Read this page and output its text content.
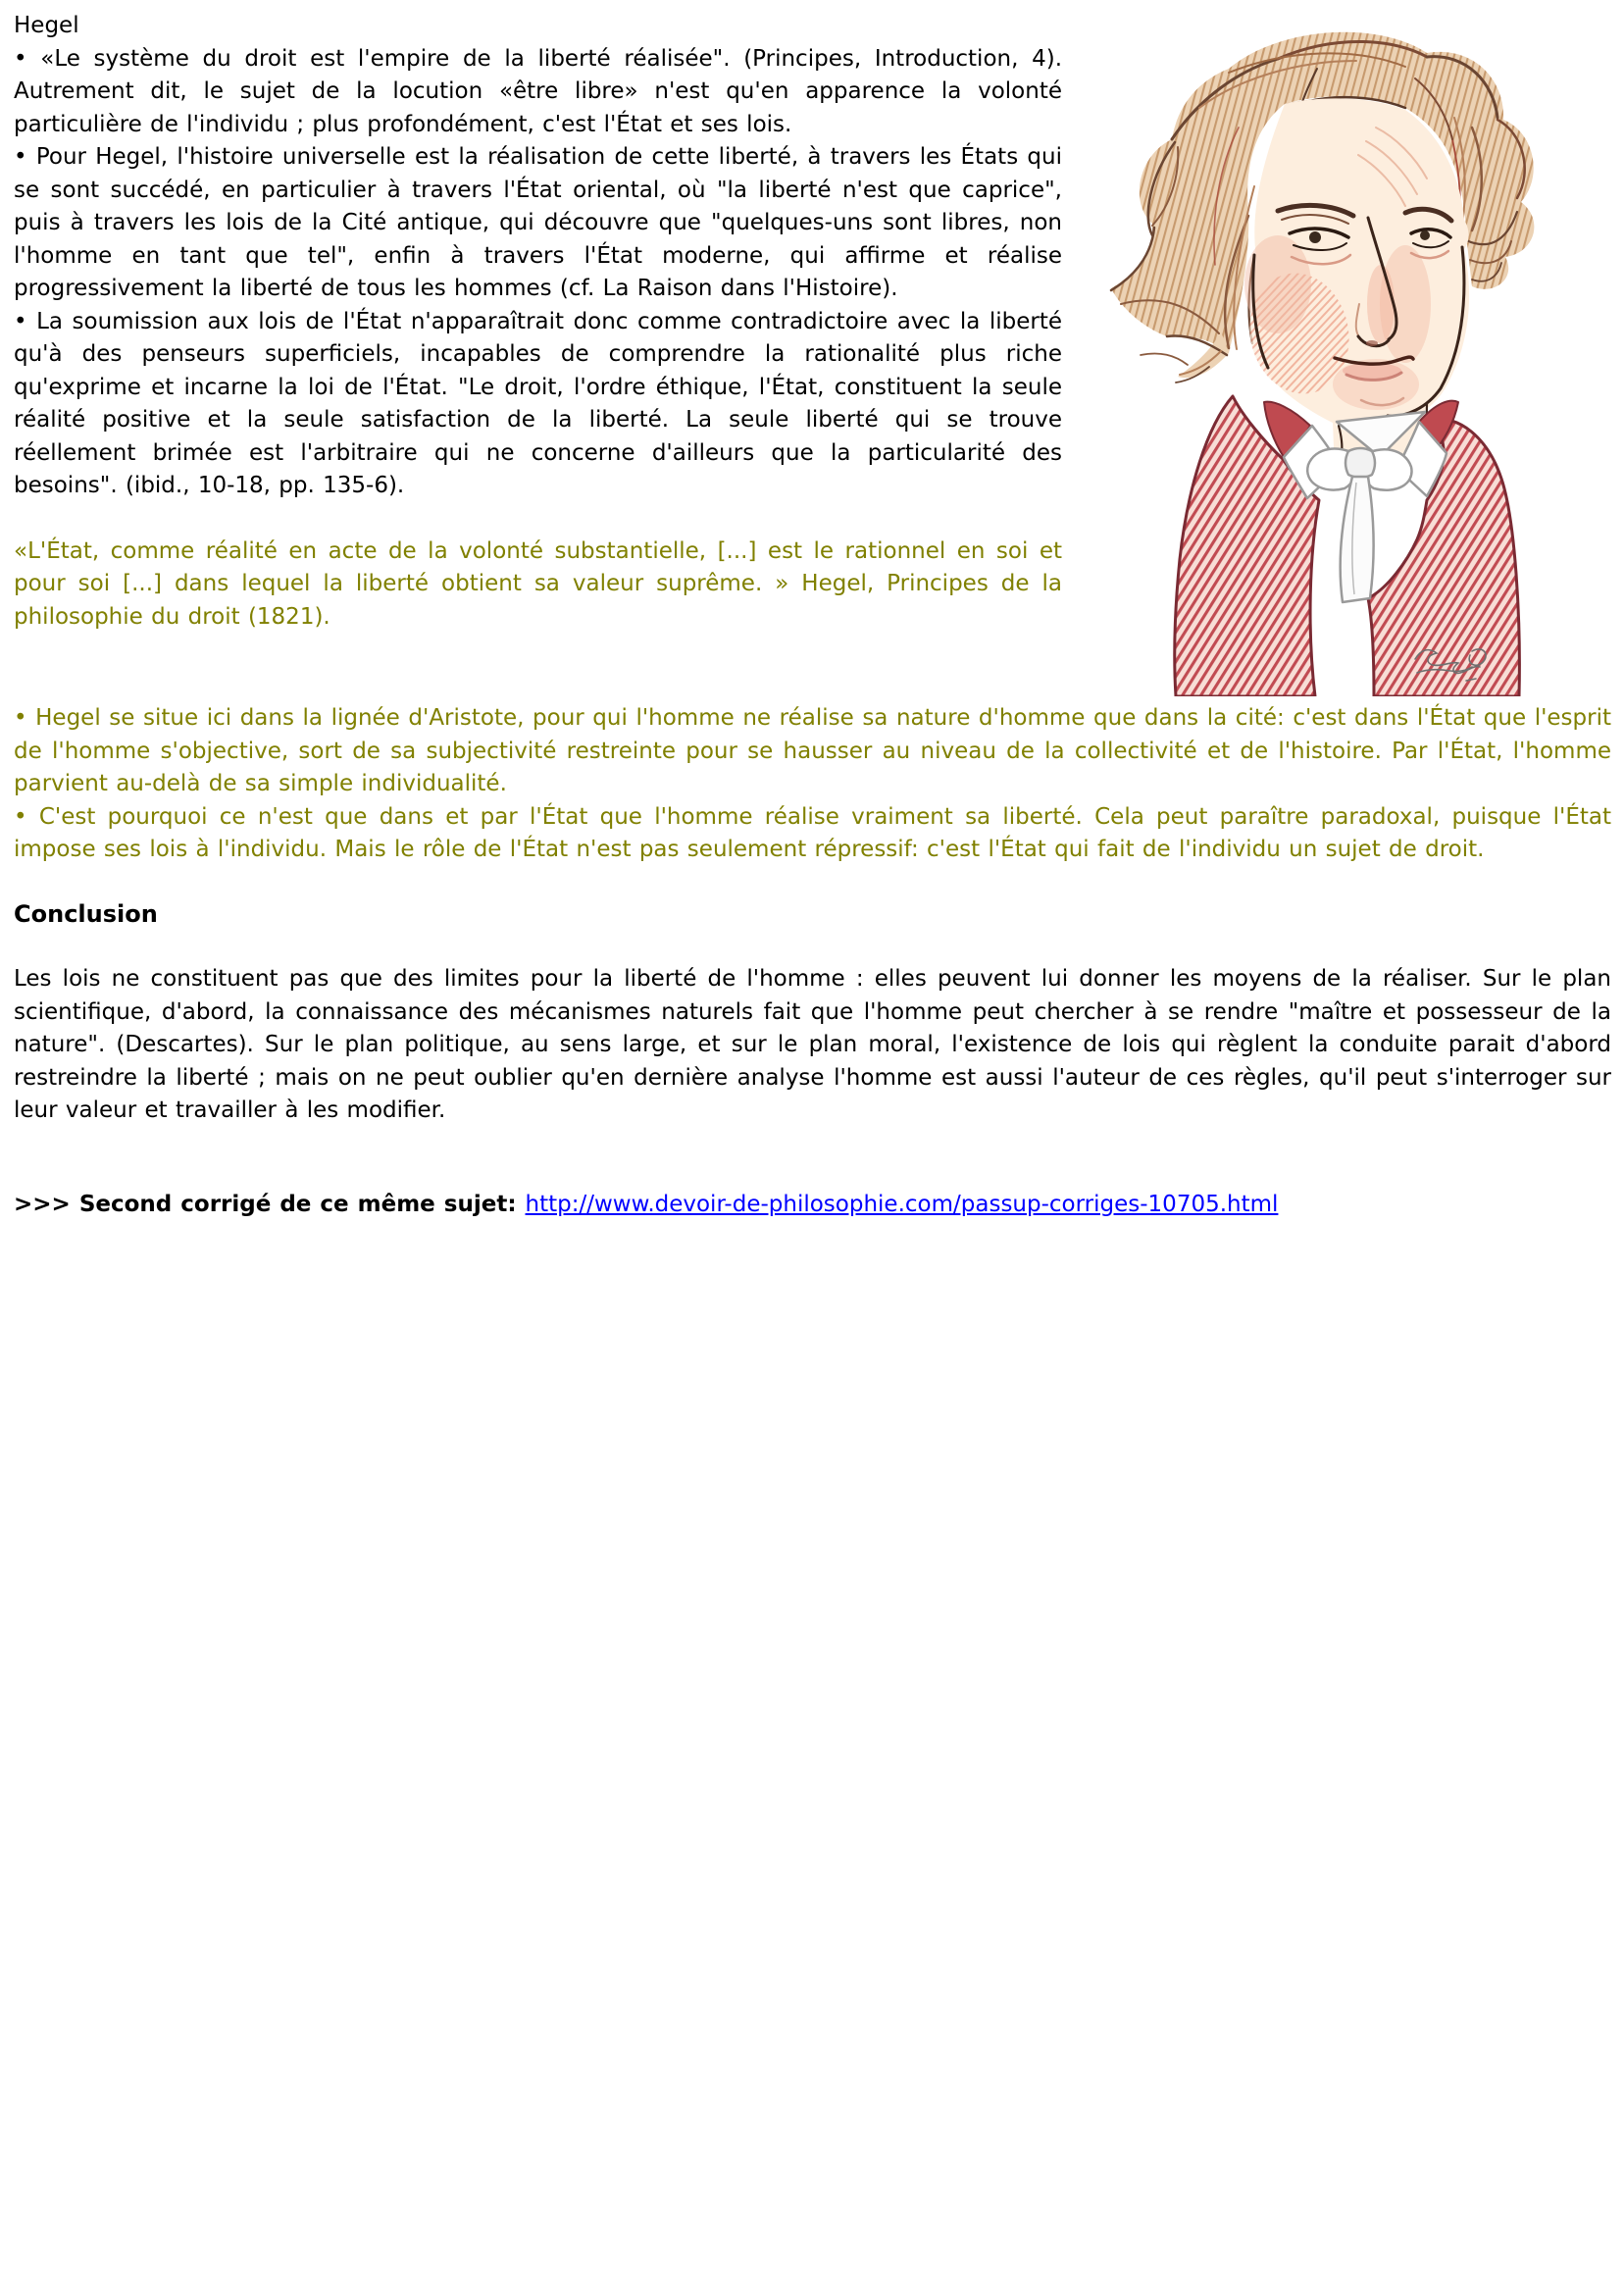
Hegel

• «Le système du droit est l'empire de la liberté réalisée". (Principes, Introduction, 4). Autrement dit, le sujet de la locution «être libre» n'est qu'en apparence la volonté particulière de l'individu ; plus profondément, c'est l'État et ses lois.

• Pour Hegel, l'histoire universelle est la réalisation de cette liberté, à travers les États qui se sont succédé, en particulier à travers l'État oriental, où "la liberté n'est que caprice", puis à travers les lois de la Cité antique, qui découvre que "quelques-uns sont libres, non l'homme en tant que tel", enfin à travers l'État moderne, qui affirme et réalise progressivement la liberté de tous les hommes (cf. La Raison dans l'Histoire).

• La soumission aux lois de l'État n'apparaîtrait donc comme contradictoire avec la liberté qu'à des penseurs superficiels, incapables de comprendre la rationalité plus riche qu'exprime et incarne la loi de l'État. "Le droit, l'ordre éthique, l'État, constituent la seule réalité positive et la seule satisfaction de la liberté. La seule liberté qui se trouve réellement brimée est l'arbitraire qui ne concerne d'ailleurs que la particularité des besoins". (ibid., 10-18, pp. 135-6).

«L'État, comme réalité en acte de la volonté substantielle, [...] est le rationnel en soi et pour soi [...] dans lequel la liberté obtient sa valeur suprême. » Hegel, Principes de la philosophie du droit (1821).

• Hegel se situe ici dans la lignée d'Aristote, pour qui l'homme ne réalise sa nature d'homme que dans la cité: c'est dans l'État que l'esprit de l'homme s'objective, sort de sa subjectivité restreinte pour se hausser au niveau de la collectivité et de l'histoire. Par l'État, l'homme parvient au-delà de sa simple individualité.

• C'est pourquoi ce n'est que dans et par l'État que l'homme réalise vraiment sa liberté. Cela peut paraître paradoxal, puisque l'État impose ses lois à l'individu. Mais le rôle de l'État n'est pas seulement répressif: c'est l'État qui fait de l'individu un sujet de droit.

Conclusion

Les lois ne constituent pas que des limites pour la liberté de l'homme : elles peuvent lui donner les moyens de la réaliser. Sur le plan scientifique, d'abord, la connaissance des mécanismes naturels fait que l'homme peut chercher à se rendre "maître et possesseur de la nature". (Descartes). Sur le plan politique, au sens large, et sur le plan moral, l'existence de lois qui règlent la conduite parait d'abord restreindre la liberté ; mais on ne peut oublier qu'en dernière analyse l'homme est aussi l'auteur de ces règles, qu'il peut s'interroger sur leur valeur et travailler à les modifier.

>>> Second corrigé de ce même sujet: http://www.devoir-de-philosophie.com/passup-corriges-10705.html
